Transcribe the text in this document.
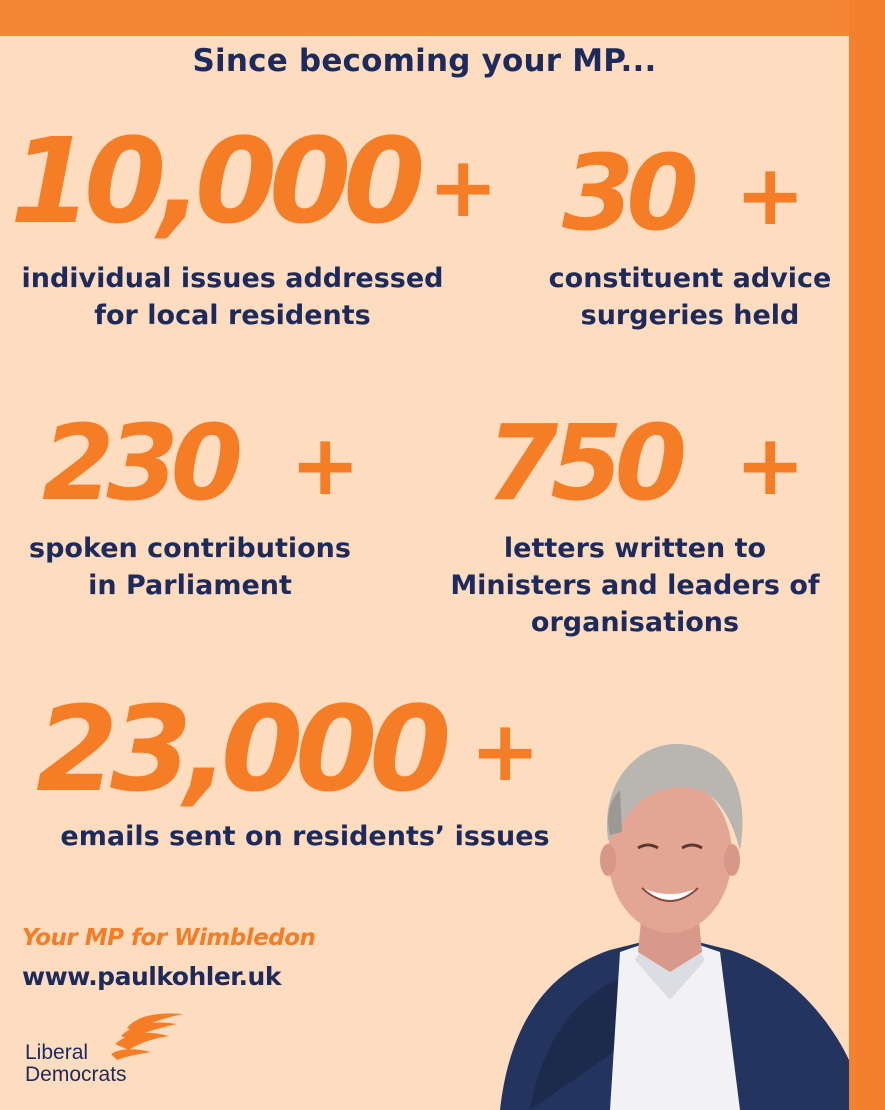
Since becoming your MP...
10,000 +
individual issues addressed
for local residents
30 +
constituent advice
surgeries held
230 +
spoken contributions
in Parliament
750 +
letters written to
Ministers and leaders of
organisations
23,000 +
emails sent on residents’ issues
Your MP for Wimbledon
www.paulkohler.uk
Liberal
Democrats
